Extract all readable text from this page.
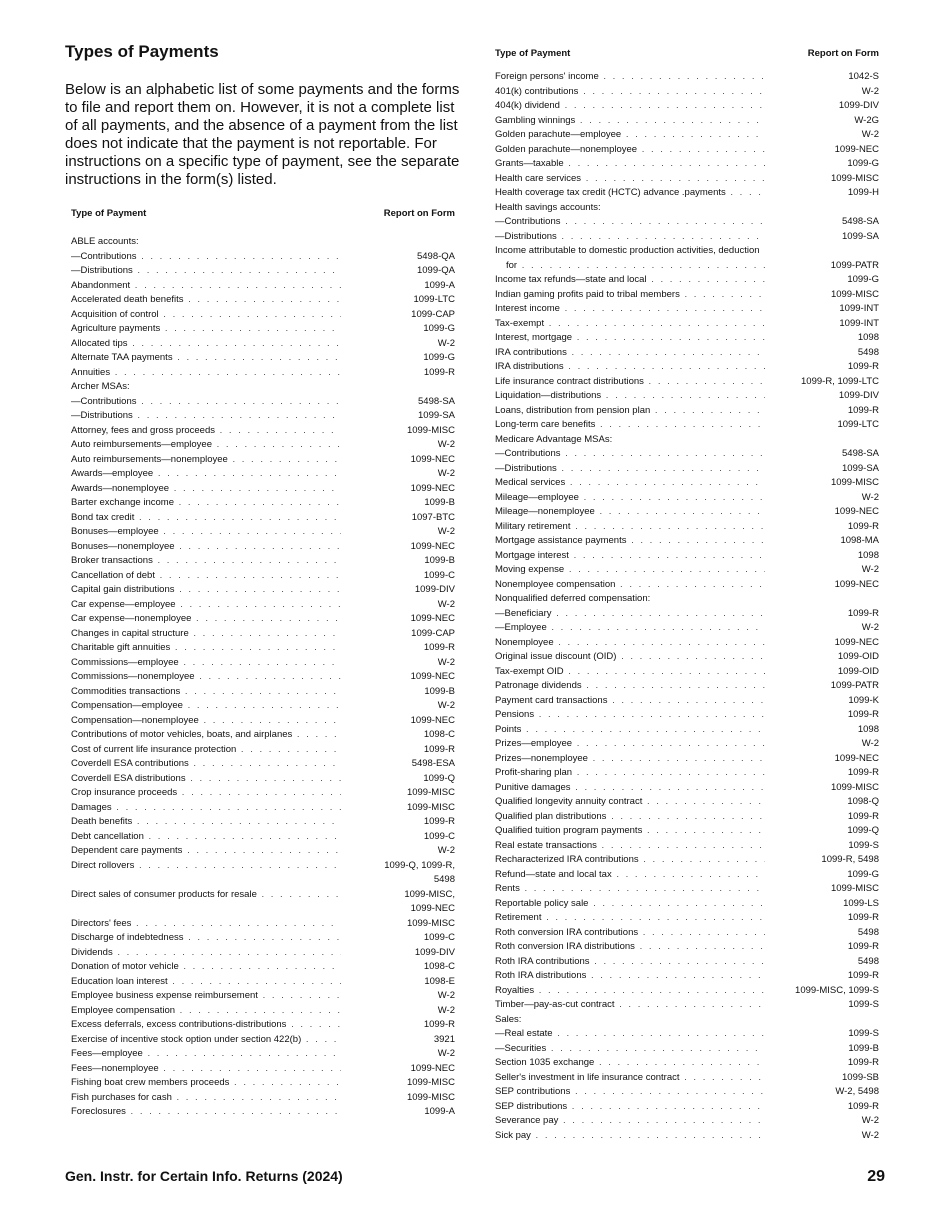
Types of Payments

Below is an alphabetic list of some payments and the forms to file and report them on. However, it is not a complete list of all payments, and the absence of a payment from the list does not indicate that the payment is not reportable. For instructions on a specific type of payment, see the separate instructions in the form(s) listed.

Type of Payment	Report on Form
ABLE accounts:
—Contributions . . .	5498-QA
—Distributions . . .	1099-QA
Abandonment . . .	1099-A
Accelerated death benefits . . .	1099-LTC
Acquisition of control . . .	1099-CAP
Agriculture payments . . .	1099-G
Allocated tips . . .	W-2
Alternate TAA payments . . .	1099-G
Annuities . . .	1099-R
Archer MSAs:
—Contributions . . .	5498-SA
—Distributions . . .	1099-SA
Attorney, fees and gross proceeds . . .	1099-MISC
Auto reimbursements—employee . . .	W-2
Auto reimbursements—nonemployee . . .	1099-NEC
Awards—employee . . .	W-2
Awards—nonemployee . . .	1099-NEC
Barter exchange income . . .	1099-B
Bond tax credit . . .	1097-BTC
Bonuses—employee . . .	W-2
Bonuses—nonemployee . . .	1099-NEC
Broker transactions . . .	1099-B
Cancellation of debt . . .	1099-C
Capital gain distributions . . .	1099-DIV
Car expense—employee . . .	W-2
Car expense—nonemployee . . .	1099-NEC
Changes in capital structure . . .	1099-CAP
Charitable gift annuities . . .	1099-R
Commissions—employee . . .	W-2
Commissions—nonemployee . . .	1099-NEC
Commodities transactions . . .	1099-B
Compensation—employee . . .	W-2
Compensation—nonemployee . . .	1099-NEC
Contributions of motor vehicles, boats, and airplanes . . .	1098-C
Cost of current life insurance protection . . .	1099-R
Coverdell ESA contributions . . .	5498-ESA
Coverdell ESA distributions . . .	1099-Q
Crop insurance proceeds . . .	1099-MISC
Damages . . .	1099-MISC
Death benefits . . .	1099-R
Debt cancellation . . .	1099-C
Dependent care payments . . .	W-2
Direct rollovers . . .	1099-Q, 1099-R,
5498
Direct sales of consumer products for resale . . .	1099-MISC,
1099-NEC
Directors' fees . . .	1099-MISC
Discharge of indebtedness . . .	1099-C
Dividends . . .	1099-DIV
Donation of motor vehicle . . .	1098-C
Education loan interest . . .	1098-E
Employee business expense reimbursement . . .	W-2
Employee compensation . . .	W-2
Excess deferrals, excess contributions-distributions . . .	1099-R
Exercise of incentive stock option under section 422(b) . . .	3921
Fees—employee . . .	W-2
Fees—nonemployee . . .	1099-NEC
Fishing boat crew members proceeds . . .	1099-MISC
Fish purchases for cash . . .	1099-MISC
Foreclosures . . .	1099-A
Type of Payment	Report on Form
Foreign persons' income . . .	1042-S
401(k) contributions . . .	W-2
404(k) dividend . . .	1099-DIV
Gambling winnings . . .	W-2G
Golden parachute—employee . . .	W-2
Golden parachute—nonemployee . . .	1099-NEC
Grants—taxable . . .	1099-G
Health care services . . .	1099-MISC
Health coverage tax credit (HCTC) advance .payments . . .	1099-H
Health savings accounts:
—Contributions . . .	5498-SA
—Distributions . . .	1099-SA
Income attributable to domestic production activities, deduction
for . . .	1099-PATR
Income tax refunds—state and local . . .	1099-G
Indian gaming profits paid to tribal members . . .	1099-MISC
Interest income . . .	1099-INT
Tax-exempt . . .	1099-INT
Interest, mortgage . . .	1098
IRA contributions . . .	5498
IRA distributions . . .	1099-R
Life insurance contract distributions . . .	1099-R, 1099-LTC
Liquidation—distributions . . .	1099-DIV
Loans, distribution from pension plan . . .	1099-R
Long-term care benefits . . .	1099-LTC
Medicare Advantage MSAs:
—Contributions . . .	5498-SA
—Distributions . . .	1099-SA
Medical services . . .	1099-MISC
Mileage—employee . . .	W-2
Mileage—nonemployee . . .	1099-NEC
Military retirement . . .	1099-R
Mortgage assistance payments . . .	1098-MA
Mortgage interest . . .	1098
Moving expense . . .	W-2
Nonemployee compensation . . .	1099-NEC
Nonqualified deferred compensation:
—Beneficiary . . .	1099-R
—Employee . . .	W-2
Nonemployee . . .	1099-NEC
Original issue discount (OID) . . .	1099-OID
Tax-exempt OID . . .	1099-OID
Patronage dividends . . .	1099-PATR
Payment card transactions . . .	1099-K
Pensions . . .	1099-R
Points . . .	1098
Prizes—employee . . .	W-2
Prizes—nonemployee . . .	1099-NEC
Profit-sharing plan . . .	1099-R
Punitive damages . . .	1099-MISC
Qualified longevity annuity contract . . .	1098-Q
Qualified plan distributions . . .	1099-R
Qualified tuition program payments . . .	1099-Q
Real estate transactions . . .	1099-S
Recharacterized IRA contributions . . .	1099-R, 5498
Refund—state and local tax . . .	1099-G
Rents . . .	1099-MISC
Reportable policy sale . . .	1099-LS
Retirement . . .	1099-R
Roth conversion IRA contributions . . .	5498
Roth conversion IRA distributions . . .	1099-R
Roth IRA contributions . . .	5498
Roth IRA distributions . . .	1099-R
Royalties . . .	1099-MISC, 1099-S
Timber—pay-as-cut contract . . .	1099-S
Sales:
—Real estate . . .	1099-S
—Securities . . .	1099-B
Section 1035 exchange . . .	1099-R
Seller's investment in life insurance contract . . .	1099-SB
SEP contributions . . .	W-2, 5498
SEP distributions . . .	1099-R
Severance pay . . .	W-2
Sick pay . . .	W-2
Gen. Instr. for Certain Info. Returns (2024)	29
